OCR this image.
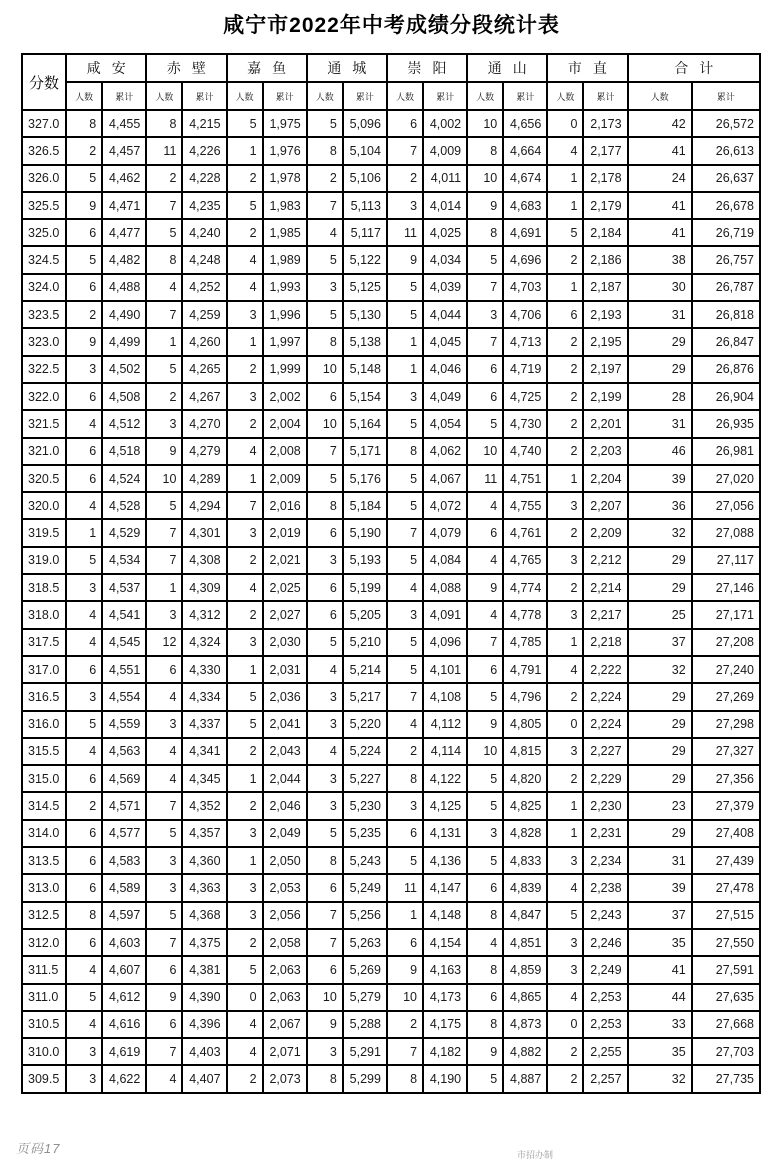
咸宁市2022年中考成绩分段统计表
分数	咸安		赤壁		嘉鱼		通城		崇阳		通山		市直		合计	
	人数	累计	人数	累计	人数	累计	人数	累计	人数	累计	人数	累计	人数	累计	人数	累计
327.0	8	4,455	8	4,215	5	1,975	5	5,096	6	4,002	10	4,656	0	2,173	42	26,572
326.5	2	4,457	11	4,226	1	1,976	8	5,104	7	4,009	8	4,664	4	2,177	41	26,613
326.0	5	4,462	2	4,228	2	1,978	2	5,106	2	4,011	10	4,674	1	2,178	24	26,637
325.5	9	4,471	7	4,235	5	1,983	7	5,113	3	4,014	9	4,683	1	2,179	41	26,678
325.0	6	4,477	5	4,240	2	1,985	4	5,117	11	4,025	8	4,691	5	2,184	41	26,719
324.5	5	4,482	8	4,248	4	1,989	5	5,122	9	4,034	5	4,696	2	2,186	38	26,757
324.0	6	4,488	4	4,252	4	1,993	3	5,125	5	4,039	7	4,703	1	2,187	30	26,787
323.5	2	4,490	7	4,259	3	1,996	5	5,130	5	4,044	3	4,706	6	2,193	31	26,818
323.0	9	4,499	1	4,260	1	1,997	8	5,138	1	4,045	7	4,713	2	2,195	29	26,847
322.5	3	4,502	5	4,265	2	1,999	10	5,148	1	4,046	6	4,719	2	2,197	29	26,876
322.0	6	4,508	2	4,267	3	2,002	6	5,154	3	4,049	6	4,725	2	2,199	28	26,904
321.5	4	4,512	3	4,270	2	2,004	10	5,164	5	4,054	5	4,730	2	2,201	31	26,935
321.0	6	4,518	9	4,279	4	2,008	7	5,171	8	4,062	10	4,740	2	2,203	46	26,981
320.5	6	4,524	10	4,289	1	2,009	5	5,176	5	4,067	11	4,751	1	2,204	39	27,020
320.0	4	4,528	5	4,294	7	2,016	8	5,184	5	4,072	4	4,755	3	2,207	36	27,056
319.5	1	4,529	7	4,301	3	2,019	6	5,190	7	4,079	6	4,761	2	2,209	32	27,088
319.0	5	4,534	7	4,308	2	2,021	3	5,193	5	4,084	4	4,765	3	2,212	29	27,117
318.5	3	4,537	1	4,309	4	2,025	6	5,199	4	4,088	9	4,774	2	2,214	29	27,146
318.0	4	4,541	3	4,312	2	2,027	6	5,205	3	4,091	4	4,778	3	2,217	25	27,171
317.5	4	4,545	12	4,324	3	2,030	5	5,210	5	4,096	7	4,785	1	2,218	37	27,208
317.0	6	4,551	6	4,330	1	2,031	4	5,214	5	4,101	6	4,791	4	2,222	32	27,240
316.5	3	4,554	4	4,334	5	2,036	3	5,217	7	4,108	5	4,796	2	2,224	29	27,269
316.0	5	4,559	3	4,337	5	2,041	3	5,220	4	4,112	9	4,805	0	2,224	29	27,298
315.5	4	4,563	4	4,341	2	2,043	4	5,224	2	4,114	10	4,815	3	2,227	29	27,327
315.0	6	4,569	4	4,345	1	2,044	3	5,227	8	4,122	5	4,820	2	2,229	29	27,356
314.5	2	4,571	7	4,352	2	2,046	3	5,230	3	4,125	5	4,825	1	2,230	23	27,379
314.0	6	4,577	5	4,357	3	2,049	5	5,235	6	4,131	3	4,828	1	2,231	29	27,408
313.5	6	4,583	3	4,360	1	2,050	8	5,243	5	4,136	5	4,833	3	2,234	31	27,439
313.0	6	4,589	3	4,363	3	2,053	6	5,249	11	4,147	6	4,839	4	2,238	39	27,478
312.5	8	4,597	5	4,368	3	2,056	7	5,256	1	4,148	8	4,847	5	2,243	37	27,515
312.0	6	4,603	7	4,375	2	2,058	7	5,263	6	4,154	4	4,851	3	2,246	35	27,550
311.5	4	4,607	6	4,381	5	2,063	6	5,269	9	4,163	8	4,859	3	2,249	41	27,591
311.0	5	4,612	9	4,390	0	2,063	10	5,279	10	4,173	6	4,865	4	2,253	44	27,635
310.5	4	4,616	6	4,396	4	2,067	9	5,288	2	4,175	8	4,873	0	2,253	33	27,668
310.0	3	4,619	7	4,403	4	2,071	3	5,291	7	4,182	9	4,882	2	2,255	35	27,703
309.5	3	4,622	4	4,407	2	2,073	8	5,299	8	4,190	5	4,887	2	2,257	32	27,735
页码17	市招办制
